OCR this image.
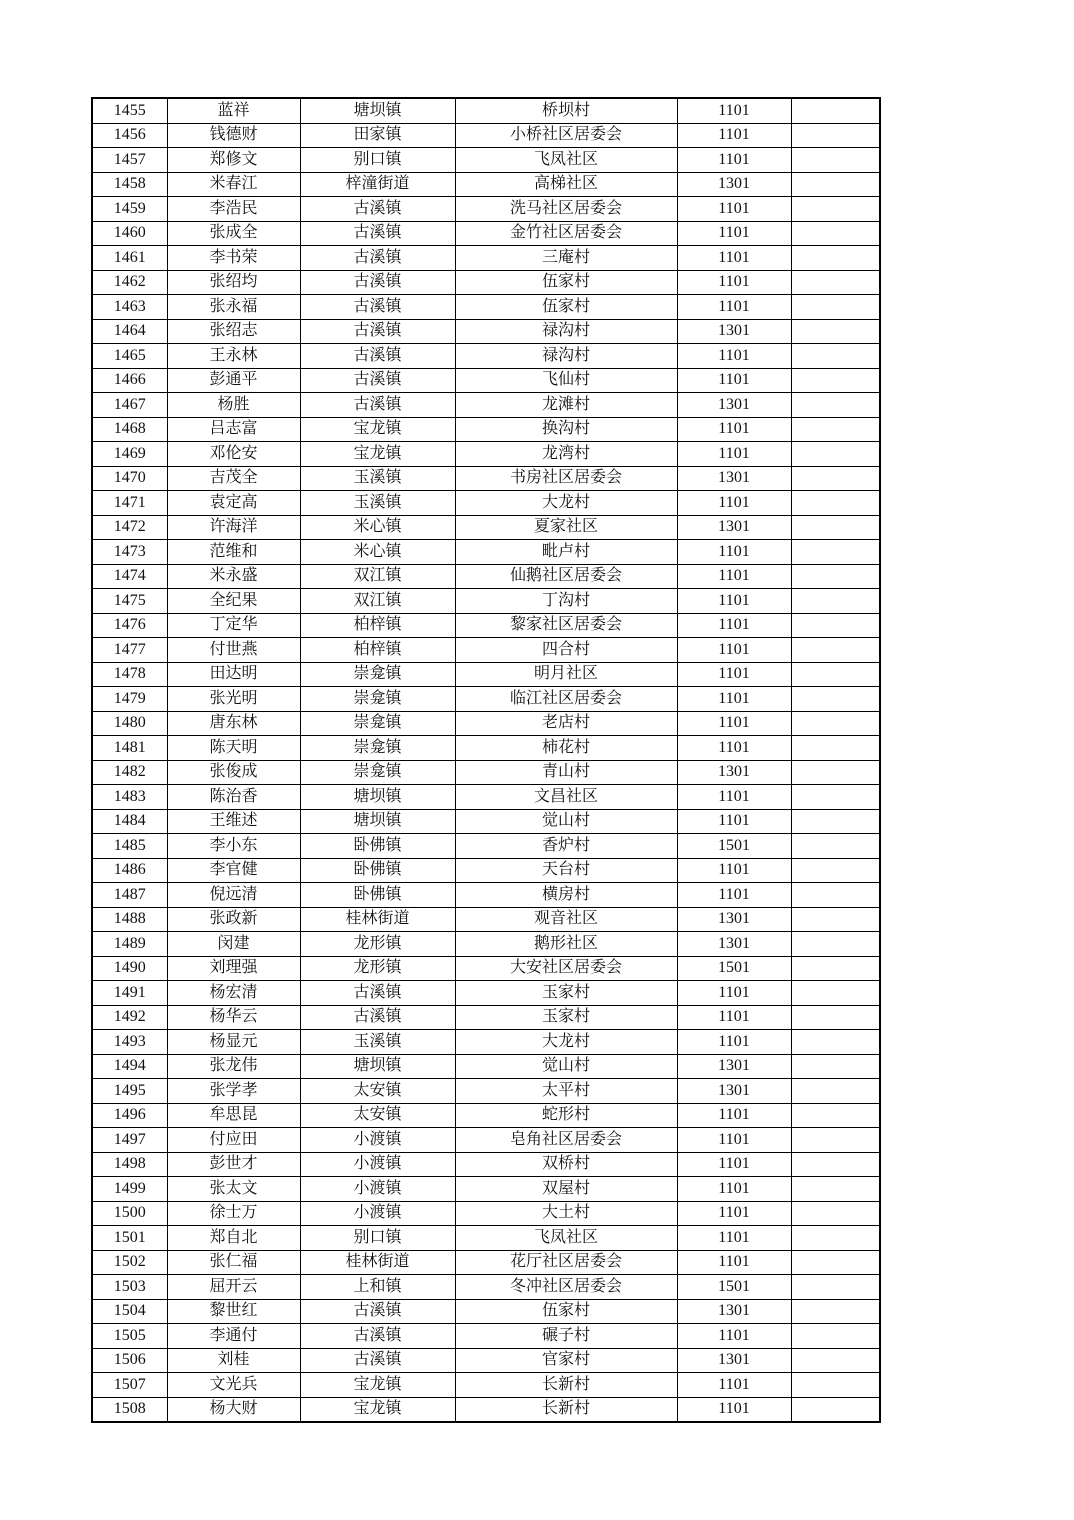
1455	蓝祥	塘坝镇	桥坝村	1101	
1456	钱德财	田家镇	小桥社区居委会	1101	
1457	郑修文	别口镇	飞凤社区	1101	
1458	米春江	梓潼街道	高梯社区	1301	
1459	李浩民	古溪镇	洗马社区居委会	1101	
1460	张成全	古溪镇	金竹社区居委会	1101	
1461	李书荣	古溪镇	三庵村	1101	
1462	张绍均	古溪镇	伍家村	1101	
1463	张永福	古溪镇	伍家村	1101	
1464	张绍志	古溪镇	禄沟村	1301	
1465	王永林	古溪镇	禄沟村	1101	
1466	彭通平	古溪镇	飞仙村	1101	
1467	杨胜	古溪镇	龙滩村	1301	
1468	吕志富	宝龙镇	换沟村	1101	
1469	邓伦安	宝龙镇	龙湾村	1101	
1470	吉茂全	玉溪镇	书房社区居委会	1301	
1471	袁定高	玉溪镇	大龙村	1101	
1472	许海洋	米心镇	夏家社区	1301	
1473	范维和	米心镇	毗卢村	1101	
1474	米永盛	双江镇	仙鹅社区居委会	1101	
1475	全纪果	双江镇	丁沟村	1101	
1476	丁定华	柏梓镇	黎家社区居委会	1101	
1477	付世燕	柏梓镇	四合村	1101	
1478	田达明	崇龛镇	明月社区	1101	
1479	张光明	崇龛镇	临江社区居委会	1101	
1480	唐东林	崇龛镇	老店村	1101	
1481	陈天明	崇龛镇	柿花村	1101	
1482	张俊成	崇龛镇	青山村	1301	
1483	陈治香	塘坝镇	文昌社区	1101	
1484	王维述	塘坝镇	觉山村	1101	
1485	李小东	卧佛镇	香炉村	1501	
1486	李官健	卧佛镇	天台村	1101	
1487	倪远清	卧佛镇	横房村	1101	
1488	张政新	桂林街道	观音社区	1301	
1489	闵建	龙形镇	鹅形社区	1301	
1490	刘理强	龙形镇	大安社区居委会	1501	
1491	杨宏清	古溪镇	玉家村	1101	
1492	杨华云	古溪镇	玉家村	1101	
1493	杨显元	玉溪镇	大龙村	1101	
1494	张龙伟	塘坝镇	觉山村	1301	
1495	张学孝	太安镇	太平村	1301	
1496	牟思昆	太安镇	蛇形村	1101	
1497	付应田	小渡镇	皂角社区居委会	1101	
1498	彭世才	小渡镇	双桥村	1101	
1499	张太文	小渡镇	双屋村	1101	
1500	徐士万	小渡镇	大土村	1101	
1501	郑自北	别口镇	飞凤社区	1101	
1502	张仁福	桂林街道	花厅社区居委会	1101	
1503	屈开云	上和镇	冬冲社区居委会	1501	
1504	黎世红	古溪镇	伍家村	1301	
1505	李通付	古溪镇	碾子村	1101	
1506	刘桂	古溪镇	官家村	1301	
1507	文光兵	宝龙镇	长新村	1101	
1508	杨大财	宝龙镇	长新村	1101	
